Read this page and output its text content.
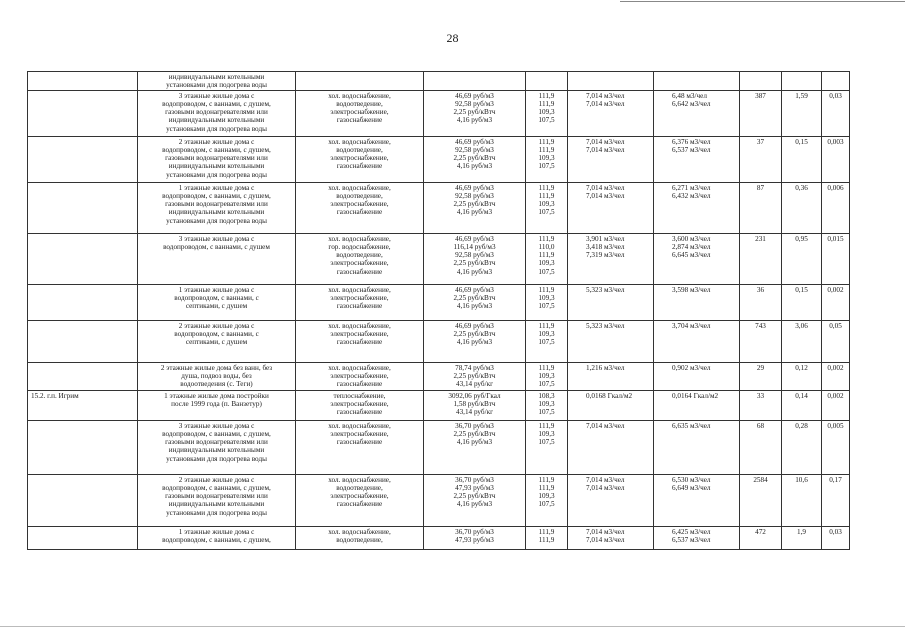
28

	индивидуальными котельными
установками для подогрева воды								

	3 этажные жилые дома с
водопроводом, с ваннами, с душем,
газовыми водонагревателями или
индивидуальными котельными
установками для подогрева воды	хол. водоснабжение,
водоотведение,
электроснабжение,
газоснабжение	46,69 руб/м3
92,58 руб/м3
2,25 руб/кВтч
4,16 руб/м3	111,9
111,9
109,3
107,5	7,014 м3/чел
7,014 м3/чел	6,48 м3/чел
6,642 м3/чел	387	1,59	0,03

	2 этажные жилые дома с
водопроводом, с ваннами, с душем,
газовыми водонагревателями или
индивидуальными котельными
установками для подогрева воды	хол. водоснабжение,
водоотведение,
электроснабжение,
газоснабжение	46,69 руб/м3
92,58 руб/м3
2,25 руб/кВтч
4,16 руб/м3	111,9
111,9
109,3
107,5	7,014 м3/чел
7,014 м3/чел	6,376 м3/чел
6,537 м3/чел	37	0,15	0,003

	1 этажные жилые дома с
водопроводом, с ваннами, с душем,
газовыми водонагревателями или
индивидуальными котельными
установками для подогрева воды	хол. водоснабжение,
водоотведение,
электроснабжение,
газоснабжение	46,69 руб/м3
92,58 руб/м3
2,25 руб/кВтч
4,16 руб/м3	111,9
111,9
109,3
107,5	7,014 м3/чел
7,014 м3/чел	6,271 м3/чел
6,432 м3/чел	87	0,36	0,006

	3 этажные жилые дома с
водопроводом, с ваннами, с душем	хол. водоснабжение,
гор. водоснабжение,
водоотведение,
электроснабжение,
газоснабжение	46,69 руб/м3
116,14 руб/м3
92,58 руб/м3
2,25 руб/кВтч
4,16 руб/м3	111,9
110,0
111,9
109,3
107,5	3,901 м3/чел
3,418 м3/чел
7,319 м3/чел	3,600 м3/чел
2,874 м3/чел
6,645 м3/чел	231	0,95	0,015

	1 этажные жилые дома с
водопроводом, с ваннами, с
септиками, с душем	хол. водоснабжение,
электроснабжение,
газоснабжение	46,69 руб/м3
2,25 руб/кВтч
4,16 руб/м3	111,9
109,3
107,5	5,323 м3/чел	3,598 м3/чел	36	0,15	0,002

	2 этажные жилые дома с
водопроводом, с ваннами, с
септиками, с душем	хол. водоснабжение,
электроснабжение,
газоснабжение	46,69 руб/м3
2,25 руб/кВтч
4,16 руб/м3	111,9
109,3
107,5	5,323 м3/чел	3,704 м3/чел	743	3,06	0,05

	2 этажные жилые дома без ванн, без
душа, подвоз воды, без
водоотведения (с. Теги)	хол. водоснабжение,
электроснабжение,
газоснабжение	78,74 руб/м3
2,25 руб/кВтч
43,14 руб/кг	111,9
109,3
107,5	1,216 м3/чел	0,902 м3/чел	29	0,12	0,002
15.2. г.п. Игрим	1 этажные жилые дома постройки
после 1999 года (п. Ванзетур)	теплоснабжение,
электроснабжение,
газоснабжение	3092,06 руб/Гкал
1,58 руб/кВтч
43,14 руб/кг	108,3
109,3
107,5	0,0168 Гкал/м2	0,0164 Гкал/м2	33	0,14	0,002

	3 этажные жилые дома с
водопроводом, с ваннами, с душем,
газовыми водонагревателями или
индивидуальными котельными
установками для подогрева воды	хол. водоснабжение,
электроснабжение,
газоснабжение	36,70 руб/м3
2,25 руб/кВтч
4,16 руб/м3	111,9
109,3
107,5	7,014 м3/чел	6,635 м3/чел	68	0,28	0,005

	2 этажные жилые дома с
водопроводом, с ваннами, с душем,
газовыми водонагревателями или
индивидуальными котельными
установками для подогрева воды	хол. водоснабжение,
водоотведение,
электроснабжение,
газоснабжение	36,70 руб/м3
47,93 руб/м3
2,25 руб/кВтч
4,16 руб/м3	111,9
111,9
109,3
107,5	7,014 м3/чел
7,014 м3/чел	6,530 м3/чел
6,649 м3/чел	2584	10,6	0,17

	1 этажные жилые дома с
водопроводом, с ваннами, с душем,	хол. водоснабжение,
водоотведение,	36,70 руб/м3
47,93 руб/м3	111,9
111,9	7,014 м3/чел
7,014 м3/чел	6,425 м3/чел
6,537 м3/чел	472	1,9	0,03
